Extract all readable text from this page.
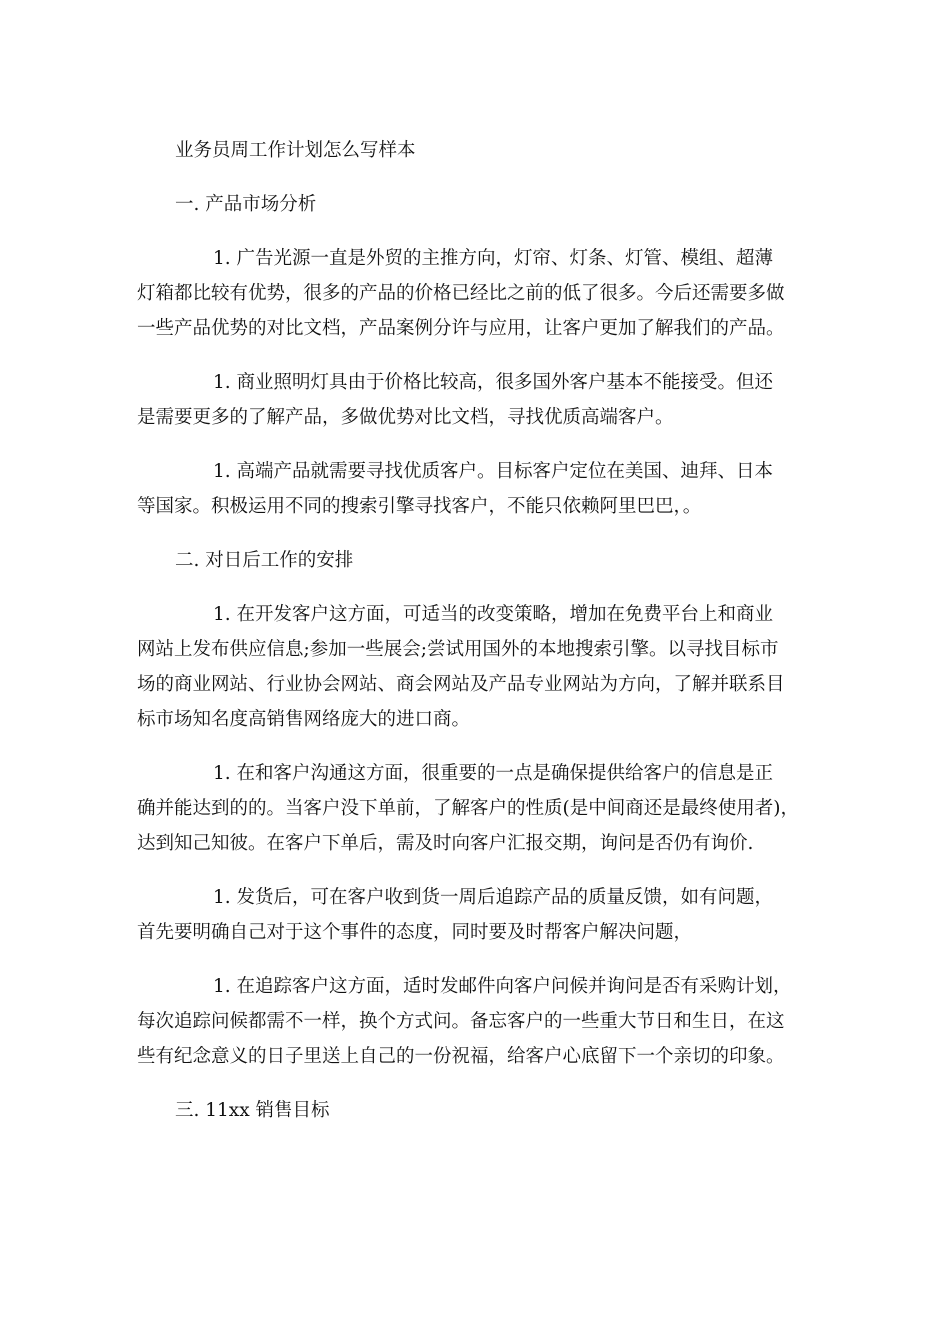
业务员周工作计划怎么写样本

一. 产品市场分析

1. 广告光源一直是外贸的主推方向，灯帘、灯条、灯管、模组、超薄

灯箱都比较有优势，很多的产品的价格已经比之前的低了很多。今后还需要多做

一些产品优势的对比文档，产品案例分许与应用，让客户更加了解我们的产品。

1. 商业照明灯具由于价格比较高，很多国外客户基本不能接受。但还

是需要更多的了解产品，多做优势对比文档，寻找优质高端客户。

1. 高端产品就需要寻找优质客户。目标客户定位在美国、迪拜、日本

等国家。积极运用不同的搜索引擎寻找客户，不能只依赖阿里巴巴，。

二. 对日后工作的安排

1. 在开发客户这方面，可适当的改变策略，增加在免费平台上和商业

网站上发布供应信息;参加一些展会;尝试用国外的本地搜索引擎。以寻找目标市

场的商业网站、行业协会网站、商会网站及产品专业网站为方向，了解并联系目

标市场知名度高销售网络庞大的进口商。

1. 在和客户沟通这方面，很重要的一点是确保提供给客户的信息是正

确并能达到的的。当客户没下单前，了解客户的性质(是中间商还是最终使用者)，

达到知己知彼。在客户下单后，需及时向客户汇报交期，询问是否仍有询价.

1. 发货后，可在客户收到货一周后追踪产品的质量反馈，如有问题，

首先要明确自己对于这个事件的态度，同时要及时帮客户解决问题，

1. 在追踪客户这方面，适时发邮件向客户问候并询问是否有采购计划，

每次追踪问候都需不一样，换个方式问。备忘客户的一些重大节日和生日，在这

些有纪念意义的日子里送上自己的一份祝福，给客户心底留下一个亲切的印象。

三. 11xx 销售目标
